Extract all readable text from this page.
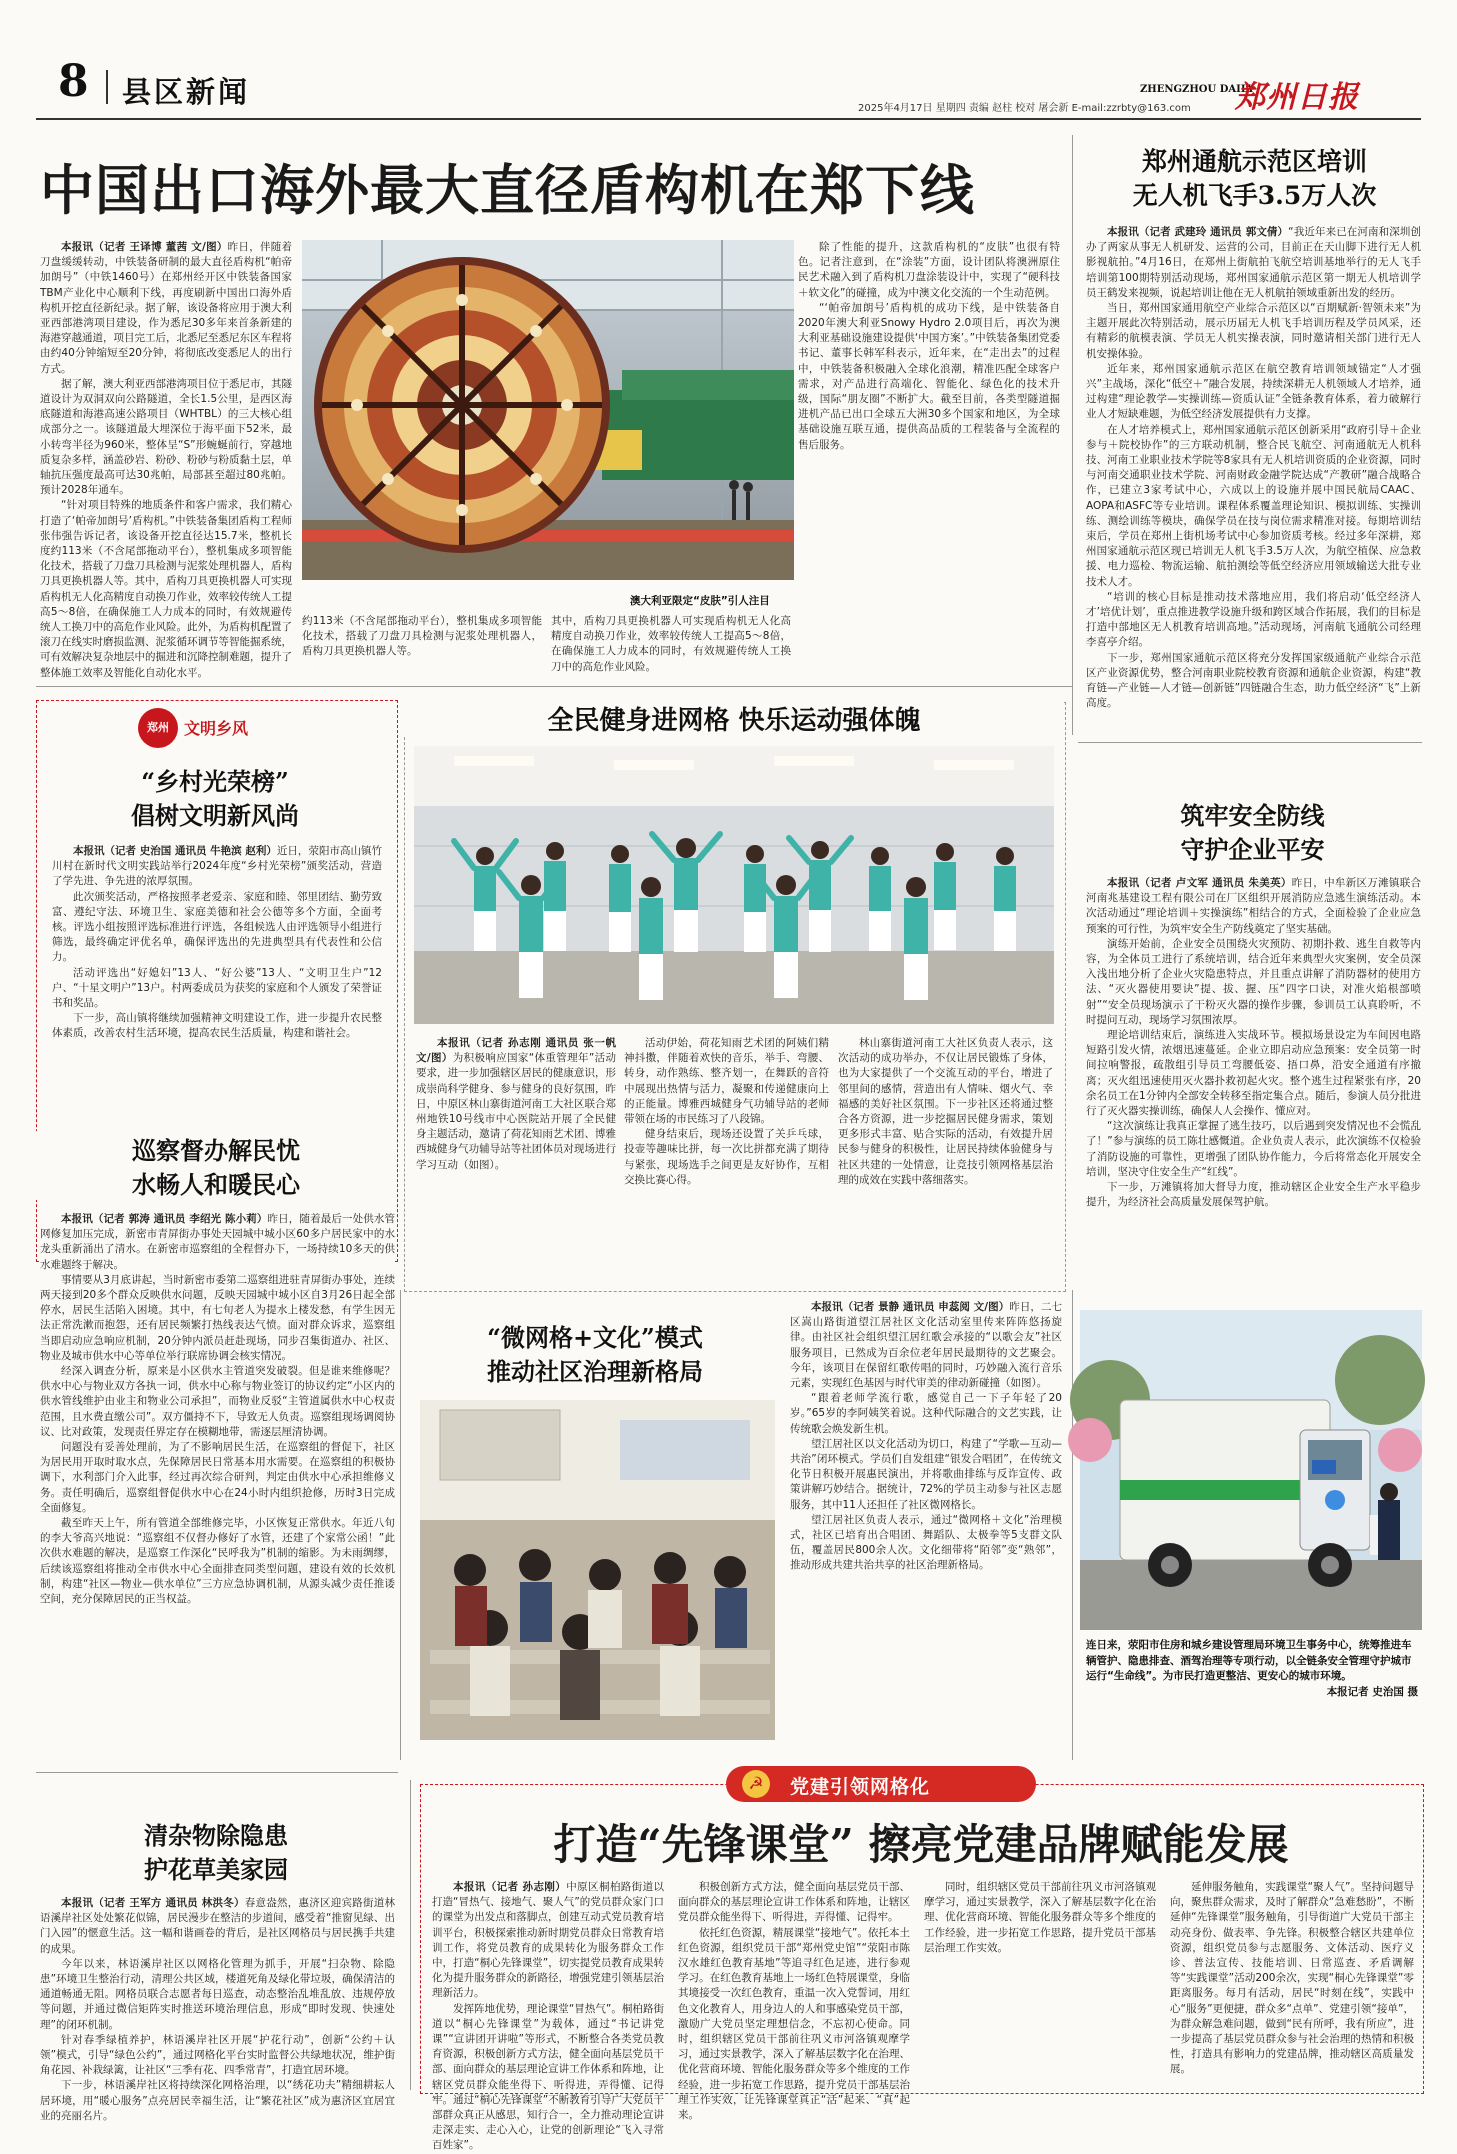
8 县区新闻	2025年4月17日 星期四 责编 赵柱 校对 屠会新 E-mail:zzrbty@163.com
ZHENGZHOU DAILY
郑州日报
中国出口海外最大直径盾构机在郑下线

本报讯（记者 王译博 董茜 文/图）昨日，伴随着刀盘缓缓转动，中铁装备研制的最大直径盾构机“帕帝加朗号”（中铁1460号）在郑州经开区中铁装备国家TBM产业化中心顺利下线，再度刷新中国出口海外盾构机开挖直径新纪录。据了解，该设备将应用于澳大利亚西部港湾项目建设，作为悉尼30多年来首条新建的海港穿越通道，项目完工后，北悉尼至悉尼东区车程将由约40分钟缩短至20分钟，将彻底改变悉尼人的出行方式。

据了解，澳大利亚西部港湾项目位于悉尼市，其隧道设计为双洞双向公路隧道，全长1.5公里，是西区海底隧道和海港高速公路项目（WHTBL）的三大核心组成部分之一。该隧道最大埋深位于海平面下52米，最小转弯半径为960米，整体呈“S”形蜿蜒前行，穿越地质复杂多样，涵盖砂岩、粉砂、粉砂与粉质黏土层，单轴抗压强度最高可达30兆帕，局部甚至超过80兆帕。预计2028年通车。

“针对项目特殊的地质条件和客户需求，我们精心打造了‘帕帝加朗号’盾构机。”中铁装备集团盾构工程师张伟强告诉记者，该设备开挖直径达15.7米，整机长度约113米（不含尾部拖动平台），整机集成多项智能化技术，搭载了刀盘刀具检测与泥浆处理机器人，盾构刀具更换机器人等。其中，盾构刀具更换机器人可实现盾构机无人化高精度自动换刀作业，效率较传统人工提高5～8倍，在确保施工人力成本的同时，有效规避传统人工换刀中的高危作业风险。此外，为盾构机配置了滚刀在线实时磨损监测、泥浆循环调节等智能掘系统，可有效解决复杂地层中的掘进和沉降控制难题，提升了整体施工效率及智能化自动化水平。

澳大利亚限定“皮肤”引人注目

约113米（不含尾部拖动平台），整机集成多项智能化技术，搭载了刀盘刀具检测与泥浆处理机器人，盾构刀具更换机器人等。

其中，盾构刀具更换机器人可实现盾构机无人化高精度自动换刀作业，效率较传统人工提高5～8倍，在确保施工人力成本的同时，有效规避传统人工换刀中的高危作业风险。

除了性能的提升，这款盾构机的“皮肤”也很有特色。记者注意到，在“涂装”方面，设计团队将澳洲原住民艺术融入到了盾构机刀盘涂装设计中，实现了“硬科技＋软文化”的碰撞，成为中澳文化交流的一个生动范例。

“‘帕帝加朗号’盾构机的成功下线，是中铁装备自2020年澳大利亚Snowy Hydro 2.0项目后，再次为澳大利亚基础设施建设提供‘中国方案’。”中铁装备集团党委书记、董事长韩军科表示，近年来，在“走出去”的过程中，中铁装备积极融入全球化浪潮，精准匹配全球客户需求，对产品进行高端化、智能化、绿色化的技术升级，国际“朋友圈”不断扩大。截至目前，各类型隧道掘进机产品已出口全球五大洲30多个国家和地区，为全球基础设施互联互通，提供高品质的工程装备与全流程的售后服务。

郑州通航示范区培训
无人机飞手3.5万人次

本报讯（记者 武建玲 通讯员 郭文倩）“我近年来已在河南和深圳创办了两家从事无人机研发、运营的公司，目前正在天山脚下进行无人机影视航拍。”4月16日，在郑州上街航拍飞航空培训基地举行的无人飞手培训第100期特别活动现场，郑州国家通航示范区第一期无人机培训学员王鹤发来视频，说起培训让他在无人机航拍领域重新出发的经历。

当日，郑州国家通用航空产业综合示范区以“百期赋新·智领未来”为主题开展此次特别活动，展示历届无人机飞手培训历程及学员风采，还有精彩的航模表演、学员无人机实操表演，同时邀请相关部门进行无人机安操体验。

近年来，郑州国家通航示范区在航空教育培训领域锚定“人才强兴”主战场，深化“低空＋”融合发展，持续深耕无人机领域人才培养，通过构建“理论教学—实操训练—资质认证”全链条教育体系，着力破解行业人才短缺难题，为低空经济发展提供有力支撑。

在人才培养模式上，郑州国家通航示范区创新采用“政府引导＋企业参与＋院校协作”的三方联动机制，整合民飞航空、河南通航无人机科技、河南工业职业技术学院等8家具有无人机培训资质的企业资源，同时与河南交通职业技术学院、河南财政金融学院达成“产教研”融合战略合作，已建立3家考试中心，六成以上的设施并展中国民航局CAAC、AOPA和ASFC等专业培训。课程体系覆盖理论知识、模拟训练、实操训练、测绘训练等模块，确保学员在技与岗位需求精准对接。每期培训结束后，学员在郑州上街机场考试中心参加资质考核。经过多年深耕，郑州国家通航示范区现已培训无人机飞手3.5万人次，为航空植保、应急救援、电力巡检、物流运输、航拍测绘等低空经济应用领域输送大批专业技术人才。

“培训的核心目标是推动技术落地应用，我们将启动‘低空经济人才’培优计划’，重点推进教学设施升级和跨区域合作拓展，我们的目标是打造中部地区无人机教育培训高地。”活动现场，河南航飞通航公司经理李喜亭介绍。

下一步，郑州国家通航示范区将充分发挥国家级通航产业综合示范区产业资源优势，整合河南职业院校教育资源和通航企业资源，构建“教育链—产业链—人才链—创新链”四链融合生态，助力低空经济“飞”上新高度。

郑州 文明乡风
“乡村光荣榜”
倡树文明新风尚

本报讯（记者 史治国 通讯员 牛艳滨 赵利）近日，荥阳市高山镇竹川村在新时代文明实践站举行2024年度“乡村光荣榜”颁奖活动，营造了学先进、争先进的浓厚氛围。

此次颁奖活动，严格按照孝老爱亲、家庭和睦、邻里团结、勤劳致富、遵纪守法、环境卫生、家庭美德和社会公德等多个方面，全面考核。评选小组按照评选标准进行评选，各组候选人由评选领导小组进行筛选，最终确定评优名单，确保评选出的先进典型具有代表性和公信力。

活动评选出“好媳妇”13人、“好公婆”13人、“文明卫生户”12户、“十星文明户”13户。村两委成员为获奖的家庭和个人颁发了荣誉证书和奖品。

下一步，高山镇将继续加强精神文明建设工作，进一步提升农民整体素质，改善农村生活环境，提高农民生活质量，构建和谐社会。

全民健身进网格 快乐运动强体魄

本报讯（记者 孙志刚 通讯员 张一帆 文/图）为积极响应国家“体重管理年”活动要求，进一步加强辖区居民的健康意识，形成崇尚科学健身、参与健身的良好氛围，昨日，中原区林山寨街道河南工大社区联合郑州地铁10号线市中心医院站开展了全民健身主题活动，邀请了荷花知雨艺术团、博雅西城健身气功辅导站等社团体员对现场进行学习互动（如图）。

活动伊始，荷花知雨艺术团的阿姨们精神抖擞，伴随着欢快的音乐，举手、弯腰、转身，动作熟练、整齐划一，在舞跃的音符中展现出热情与活力，凝聚和传递健康向上的正能量。博雅西城健身气功辅导站的老师带领在场的市民练习了八段锦。

健身结束后，现场还设置了关乒乓球，投壶等趣味比拼，每一次比拼都充满了期待与紧张，现场选手之间更是友好协作，互相交换比赛心得。

林山寨街道河南工大社区负责人表示，这次活动的成功举办，不仅让居民锻炼了身体，也为大家提供了一个交流互动的平台，增进了邻里间的感情，营造出有人情味、烟火气、幸福感的美好社区氛围。下一步社区还将通过整合各方资源，进一步挖掘居民健身需求，策划更多形式丰富、贴合实际的活动，有效提升居民参与健身的积极性，让居民持续体验健身与社区共建的一处情意，让竞技引领网格基层治理的成效在实践中落细落实。

筑牢安全防线
守护企业平安

本报讯（记者 卢文军 通讯员 朱美英）昨日，中牟新区万滩镇联合河南兆基建设工程有限公司在厂区组织开展消防应急逃生演练活动。本次活动通过“理论培训＋实操演练”相结合的方式，全面检验了企业应急预案的可行性，为筑牢安全生产防线奠定了坚实基础。

演练开始前，企业安全员围绕火灾预防、初期扑救、逃生自救等内容，为全体员工进行了系统培训，结合近年来典型火灾案例，安全员深入浅出地分析了企业火灾隐患特点，并且重点讲解了消防器材的使用方法、“灭火器使用要诀”提、拔、握、压“四字口诀，对准火焰根部喷射”“安全员现场演示了干粉灭火器的操作步骤，参训员工认真聆听，不时提问互动，现场学习氛围浓厚。

理论培训结束后，演练进入实战环节。模拟场景设定为车间因电路短路引发火情，浓烟迅速蔓延。企业立即启动应急预案：安全员第一时间拉响警报，疏散组引导员工弯腰低姿、捂口鼻，沿安全通道有序撤离；灭火组迅速使用灭火器扑救初起火灾。整个逃生过程紧张有序，20余名员工在1分钟内全部安全转移至指定集合点。随后，参演人员分批进行了灭火器实操训练，确保人人会操作、懂应对。

“这次演练让我真正掌握了逃生技巧，以后遇到突发情况也不会慌乱了！”参与演练的员工陈壮感慨道。企业负责人表示，此次演练不仅检验了消防设施的可靠性，更增强了团队协作能力，今后将常态化开展安全培训，坚决守住安全生产“红线”。

下一步，万滩镇将加大督导力度，推动辖区企业安全生产水平稳步提升，为经济社会高质量发展保驾护航。

巡察督办解民忧
水畅人和暖民心

本报讯（记者 郭涛 通讯员 李绍光 陈小莉）昨日，随着最后一处供水管网修复加压完成，新密市青屏街办事处天园城中城小区60多户居民家中的水龙头重新涌出了清水。在新密市巡察组的全程督办下，一场持续10多天的供水难题终于解决。

事情要从3月底讲起，当时新密市委第二巡察组进驻青屏街办事处，连续两天接到20多个群众反映供水问题，反映天园城中城小区自3月26日起全部停水，居民生活陷入困境。其中，有七旬老人为提水上楼发愁，有学生因无法正常洗漱而抱怨，还有居民频繁打热线表达气愤。面对群众诉求，巡察组当即启动应急响应机制，20分钟内派员赶赴现场，同步召集街道办、社区、物业及城市供水中心等单位举行联席协调会核实情况。

经深入调查分析，原来是小区供水主管道突发破裂。但是谁来维修呢？供水中心与物业双方各执一词，供水中心称与物业签订的协议约定“小区内的供水管线维护由业主和物业公司承担”，而物业反驳“主管道属供水中心权责范围，且水费直缴公司”。双方僵持不下，导致无人负责。巡察组现场调阅协议、比对政策，发现责任界定存在模糊地带，需逐层厘清协调。

问题没有妥善处理前，为了不影响居民生活，在巡察组的督促下，社区为居民用开取时取水点，先保障居民日常基本用水需要。在巡察组的积极协调下，水利部门介入此事，经过再次综合研判，判定由供水中心承担维修义务。责任明确后，巡察组督促供水中心在24小时内组织抢修，历时3日完成全面修复。

截至昨天上午，所有管道全部维修完毕，小区恢复正常供水。年近八旬的李大爷高兴地说：“巡察组不仅督办修好了水管，还建了个家常公函！”此次供水难题的解决，是巡察工作深化“民呼我为”机制的缩影。为未雨绸缪，后续该巡察组将推动全市供水中心全面排查同类型问题，建设有效的长效机制，构建“社区—物业—供水单位”三方应急协调机制，从源头减少责任推诿空间，充分保障居民的正当权益。

“微网格+文化”模式
推动社区治理新格局

本报讯（记者 景静 通讯员 申蕊阅 文/图）昨日，二七区嵩山路街道望江居社区文化活动室里传来阵阵悠扬旋律。由社区社会组织望江居红歌会承接的“以歌会友”社区服务项目，已然成为百余位老年居民最期待的文艺聚会。今年，该项目在保留红歌传唱的同时，巧妙融入流行音乐元素，实现红色基因与时代审美的律动新碰撞（如图）。

“跟着老师学流行歌，感觉自己一下子年轻了20岁。”65岁的李阿姨笑着说。这种代际融合的文艺实践，让传统歌会焕发新生机。

望江居社区以文化活动为切口，构建了“学歌—互动—共治”闭环模式。学员们自发组建“银发合唱团”，在传统文化节日积极开展惠民演出，并将歌曲排练与反诈宣传、政策讲解巧妙结合。据统计，72%的学员主动参与社区志愿服务，其中11人还担任了社区微网格长。

望江居社区负责人表示，通过“微网格＋文化”治理模式，社区已培育出合唱团、舞蹈队、太极拳等5支群文队伍，覆盖居民800余人次。文化细带将“陌邻”变“熟邻”，推动形成共建共治共享的社区治理新格局。

连日来，荥阳市住房和城乡建设管理局环境卫生事务中心，统筹推进车辆管护、隐患排查、酒驾治理等专项行动，以全链条安全管理守护城市运行“生命线”。为市民打造更整洁、更安心的城市环境。
本报记者 史治国 摄
清杂物除隐患
护花草美家园

本报讯（记者 王军方 通讯员 林洪冬）春意盎然，惠济区迎宾路街道林语溪岸社区处处繁花似锦，居民漫步在整洁的步道间，感受着“推窗见绿、出门入园”的惬意生活。这一幅和谐画卷的背后，是社区网格员与居民携手共建的成果。

今年以来，林语溪岸社区以网格化管理为抓手，开展“扫杂物、除隐患”环境卫生整治行动，清理公共区域，楼道死角及绿化带垃圾，确保清洁的通道畅通无阻。网格员联合志愿者每日巡查，动态整治乱堆乱放、违规停放等问题，并通过微信矩阵实时推送环境治理信息，形成“即时发现、快速处理”的闭环机制。

针对春季绿植养护，林语溪岸社区开展“护花行动”，创新“公约＋认领”模式，引导“绿色公约”，通过网格化平台实时监督公共绿地状况，维护街角花园、补栽绿篱，让社区“三季有花、四季常青”，打造宜居环境。

下一步，林语溪岸社区将持续深化网格治理，以“绣花功夫”精细耕耘人居环境，用“暖心服务”点亮居民幸福生活，让“繁花社区”成为惠济区宜居宜业的亮丽名片。

☭	党建引领网格化
打造“先锋课堂” 擦亮党建品牌赋能发展

本报讯（记者 孙志刚）中原区桐柏路街道以打造“冒热气、接地气、聚人气”的党员群众家门口的课堂为出发点和落脚点，创建互动式党员教育培训平台，积极探索推动新时期党员群众日常教育培训工作，将党员教育的成果转化为服务群众工作中，打造“桐心先锋课堂”，切实提党员教育成果转化为提升服务群众的新路径，增强党建引领基层治理新活力。

发挥阵地优势，理论课堂“冒热气”。桐柏路街道以“桐心先锋课堂”为载体，通过“书记讲党课”“宣讲团开讲啦”等形式，不断整合各类党员教育资源，积极创新方式方法，健全面向基层党员干部、面向群众的基层理论宣讲工作体系和阵地，让辖区党员群众能坐得下、听得进，弄得懂、记得牢。通过“桐心先锋课堂”不断教育引导广大党员干部群众真正从感思，知行合一，全力推动理论宣讲走深走实、走心入心，让党的创新理论“飞入寻常百姓家”。

积极创新方式方法，健全面向基层党员干部、面向群众的基层理论宣讲工作体系和阵地，让辖区党员群众能坐得下、听得进，弄得懂、记得牢。

依托红色资源，精展课堂“接地气”。依托本土红色资源，组织党员干部“郑州党史馆”“荥阳市陈汉水雄红色教育基地”等追寻红色足迹，进行参观学习。在红色教育基地上一场红色特展课堂，身临其境接受一次红色教育，重温一次入党誓词，用红色文化教育人，用身边人的人和事感染党员干部，激励广大党员坚定理想信念，不忘初心使命。同时，组织辖区党员干部前往巩义市河洛镇观摩学习，通过实景教学，深入了解基层数字化在治理、优化营商环境、智能化服务群众等多个维度的工作经验，进一步拓宽工作思路，提升党员干部基层治理工作实效，让先锋课堂真正“活”起来、“真”起来。

同时，组织辖区党员干部前往巩义市河洛镇观摩学习，通过实景教学，深入了解基层数字化在治理、优化营商环境、智能化服务群众等多个维度的工作经验，进一步拓宽工作思路，提升党员干部基层治理工作实效。

延伸服务触角，实践课堂“聚人气”。坚持问题导向，聚焦群众需求，及时了解群众“急难愁盼”，不断延伸“先锋课堂”服务触角，引导街道广大党员干部主动亮身份、做表率、争先锋。积极整合辖区共建单位资源，组织党员参与志愿服务、文体活动、医疗义诊、普法宣传、技能培训、日常巡查、矛盾调解等“实践课堂”活动200余次，实现“桐心先锋课堂”零距离服务。每月有活动，居民“时刻在线”，实践中心“服务”更便捷，群众多“点单”、党建引领“接单”，为群众解急难问题，做到“民有所呼，我有所应”，进一步提高了基层党员群众参与社会治理的热情和积极性，打造具有影响力的党建品牌，推动辖区高质量发展。
